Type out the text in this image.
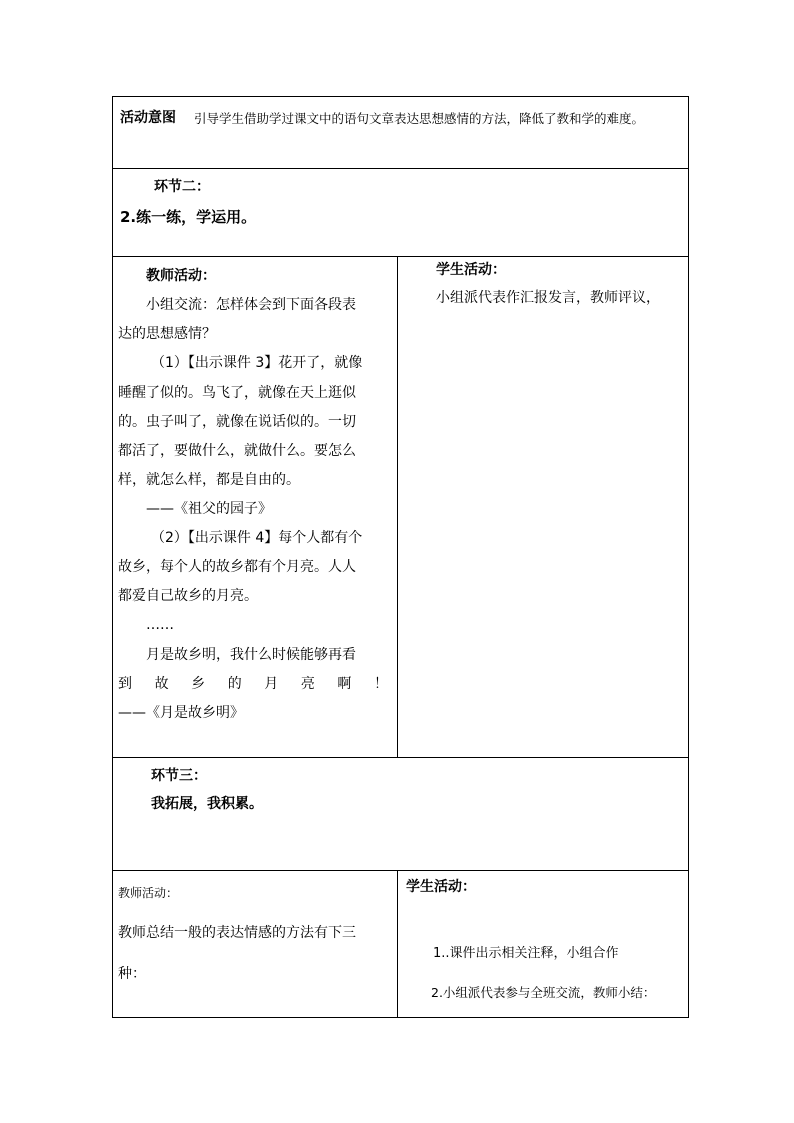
活动意图 引导学生借助学过课文中的语句文章表达思想感情的方法，降低了教和学的难度。
环节二：
2.练一练，学运用。
教师活动：
小组交流：怎样体会到下面各段表
达的思想感情？
（1）【出示课件 3】花开了，就像
睡醒了似的。鸟飞了，就像在天上逛似
的。虫子叫了，就像在说话似的。一切
都活了，要做什么，就做什么。要怎么
样，就怎么样，都是自由的。
——《祖父的园子》
（2）【出示课件 4】每个人都有个
故乡，每个人的故乡都有个月亮。人人
都爱自己故乡的月亮。
……
月是故乡明，我什么时候能够再看
到 故 乡 的 月 亮 啊 ！
——《月是故乡明》
学生活动：
小组派代表作汇报发言，教师评议，
环节三：
我拓展，我积累。
教师活动：
教师总结一般的表达情感的方法有下三
种：
学生活动：
1..课件出示相关注释，小组合作
2.小组派代表参与全班交流，教师小结：
